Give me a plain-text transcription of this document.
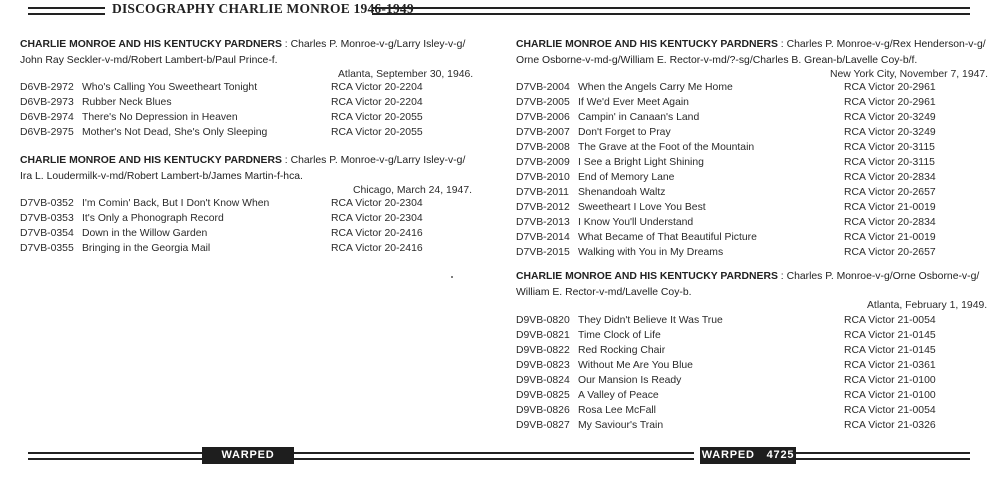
DISCOGRAPHY CHARLIE MONROE 1946-1949
CHARLIE MONROE AND HIS KENTUCKY PARDNERS : Charles P. Monroe-v-g/Larry Isley-v-g/
John Ray Seckler-v-md/Robert Lambert-b/Paul Prince-f.
Atlanta, September 30, 1946.
D6VB-2972 Who's Calling You Sweetheart Tonight	RCA Victor 20-2204
D6VB-2973 Rubber Neck Blues	RCA Victor 20-2204
D6VB-2974 There's No Depression in Heaven	RCA Victor 20-2055
D6VB-2975 Mother's Not Dead, She's Only Sleeping	RCA Victor 20-2055
CHARLIE MONROE AND HIS KENTUCKY PARDNERS : Charles P. Monroe-v-g/Larry Isley-v-g/
Ira L. Loudermilk-v-md/Robert Lambert-b/James Martin-f-hca.
Chicago, March 24, 1947.
D7VB-0352 I'm Comin' Back, But I Don't Know When	RCA Victor 20-2304
D7VB-0353 It's Only a Phonograph Record	RCA Victor 20-2304
D7VB-0354 Down in the Willow Garden	RCA Victor 20-2416
D7VB-0355 Bringing in the Georgia Mail	RCA Victor 20-2416
CHARLIE MONROE AND HIS KENTUCKY PARDNERS : Charles P. Monroe-v-g/Rex Henderson-v-g/
Orne Osborne-v-md-g/William E. Rector-v-md/?-sg/Charles B. Grean-b/Lavelle Coy-b/f.
New York City, November 7, 1947.
D7VB-2004 When the Angels Carry Me Home	RCA Victor 20-2961
D7VB-2005 If We'd Ever Meet Again	RCA Victor 20-2961
D7VB-2006 Campin' in Canaan's Land	RCA Victor 20-3249
D7VB-2007 Don't Forget to Pray	RCA Victor 20-3249
D7VB-2008 The Grave at the Foot of the Mountain	RCA Victor 20-3115
D7VB-2009 I See a Bright Light Shining	RCA Victor 20-3115
D7VB-2010 End of Memory Lane	RCA Victor 20-2834
D7VB-2011 Shenandoah Waltz	RCA Victor 20-2657
D7VB-2012 Sweetheart I Love You Best	RCA Victor 21-0019
D7VB-2013 I Know You'll Understand	RCA Victor 20-2834
D7VB-2014 What Became of That Beautiful Picture	RCA Victor 21-0019
D7VB-2015 Walking with You in My Dreams	RCA Victor 20-2657
CHARLIE MONROE AND HIS KENTUCKY PARDNERS : Charles P. Monroe-v-g/Orne Osborne-v-g/
William E. Rector-v-md/Lavelle Coy-b.
Atlanta, February 1, 1949.
D9VB-0820 They Didn't Believe It Was True	RCA Victor 21-0054
D9VB-0821 Time Clock of Life	RCA Victor 21-0145
D9VB-0822 Red Rocking Chair	RCA Victor 21-0145
D9VB-0823 Without Me Are You Blue	RCA Victor 21-0361
D9VB-0824 Our Mansion Is Ready	RCA Victor 21-0100
D9VB-0825 A Valley of Peace	RCA Victor 21-0100
D9VB-0826 Rosa Lee McFall	RCA Victor 21-0054
D9VB-0827 My Saviour's Train	RCA Victor 21-0326
WARPED 4725
WARPED 4725
